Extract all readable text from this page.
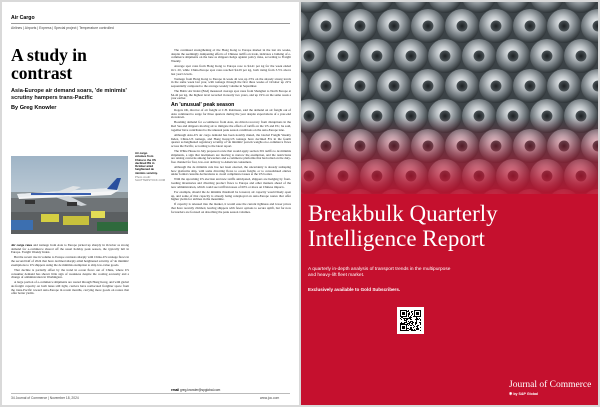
Air Cargo
Airlines | Airports | Express | Special project | Temperature controlled
A study in contrast
Asia-Europe air demand soars, 'de minimis' scrutiny hampers trans-Pacific
By Greg Knowler
Air cargo volumes from China to the US declined 8% in October amid heightened de minimis scrutiny.
Photo credit: SHUTTERSTOCK.COM

Air cargo rates and tonnage from Asia to Europe picked up sharply in October as strong demand for e-commerce shored off the usual holiday peak season, the typically lull in Europe. Freight Weekly Index.

But the recent rise in volume to Europe contrasts sharply with China-US tonnage flows in the second half of 2024 that have declined sharply amid heightened scrutiny of 'de minimis' exemptions to US shippers using the de minimis exemption to ship low-value goods.

That decline is partially offset by the trend in ocean flows out of China, where US consumer demand has shown little sign of weakness despite the cooling economy and a change of administration in Washington.

A large portion of e-commerce shipments are routed through Hong Kong, and with global air-freight capacity on both lanes still tight, carriers have reallocated freighter space from the trans-Pacific toward Asia-Europe in recent months, carrying more goods on routes that offer better yields.

The continued strengthening of the Hong Kong to Europe market in the last six weeks, despite the seemingly dampening effects of Chinese tariffs on trade, indicates a bulking of e-commerce shipments on the lane as shippers hedge against policy risks, according to Freight Weekly.

Average spot rates from Hong Kong to Europe rose to $4.41 per kg for the week ended Oct. 20, while China-Europe spot rates reached $4.29 per kg, both rising from 3.5% above last year's levels.

Tonnage from Hong Kong to Europe in week 42 was up 23% on the already strong levels in the same week last year, with tonnage through the first three weeks of October up 22% sequentially compared to the average weekly volume in September.

The Baltic Air Index (BAI) measured average spot rates from Shanghai to North Europe at $4.42 per kg, the highest level recorded in nearly two years, and up 19% on the same week a year earlier.

An 'unusual' peak season

Rogers Oh, director of air freight at C.H. Robinson, said the demand on air freight out of Asia continued to surge for three quarters during the year despite expectations of a year-end slowdown.

Booming demand for e-commerce from Asia, air-driven recovery from disruptions in the Red Sea and shippers moving air to mitigate the effects of tariffs on the US and EU, he said, together have contributed to the unusual peak season conditions on the Asia-Europe lane.

Although Asia-US air cargo demand has been notably muted, the Global Freight Weekly Index, China-US tonnage, and Hong Kong-US tonnage have declined 8% in the fourth quarter as heightened regulatory scrutiny of 'de minimis' parcels weighs on e-commerce flows across the Pacific, according to the latest report.

The White House in July proposed a rule that would apply section 301 tariffs to de minimis shipments, a sign that lawmakers are moving to narrow the exemption, and the restrictions are raising concerns among forwarders and e-commerce platforms that had relied on the duty-free channel for fast, low-cost delivery to American consumers.

Although the de minimis rule has not been enacted, the uncertainty is already reshaping how platforms ship, with some diverting flows to ocean freight, or to consolidated entries under formal customs declarations to avoid compliance issues at the US border.

With the upcoming US election and new tariffs anticipated, shippers are hedging by front-loading inventories and diverting product flows to Europe and other markets ahead of the new administration, which could see tariff increases of 60% or more on Chinese imports.

For example, should the de minimis threshold be lowered, air capacity would likely open up, and some of that capacity is already being redeployed on Asia-Europe routes that offer higher yields for airlines in the meantime.

If capacity is released into the market, it would ease the current tightness and lower prices that have recently climbed, leaving shippers with fewer options to secure uplift, but for now forwarders are focused on absorbing the peak season volumes.

email greg.knowler@spglobal.com
34 Journal of Commerce | November 18, 2024	www.joc.com
Breakbulk Quarterly Intelligence Report
A quarterly in-depth analysis of transport trends in the multipurpose and heavy-lift fleet market.
Exclusively available to Gold Subscribers.
Journal of Commerce
✱by S&P Global
